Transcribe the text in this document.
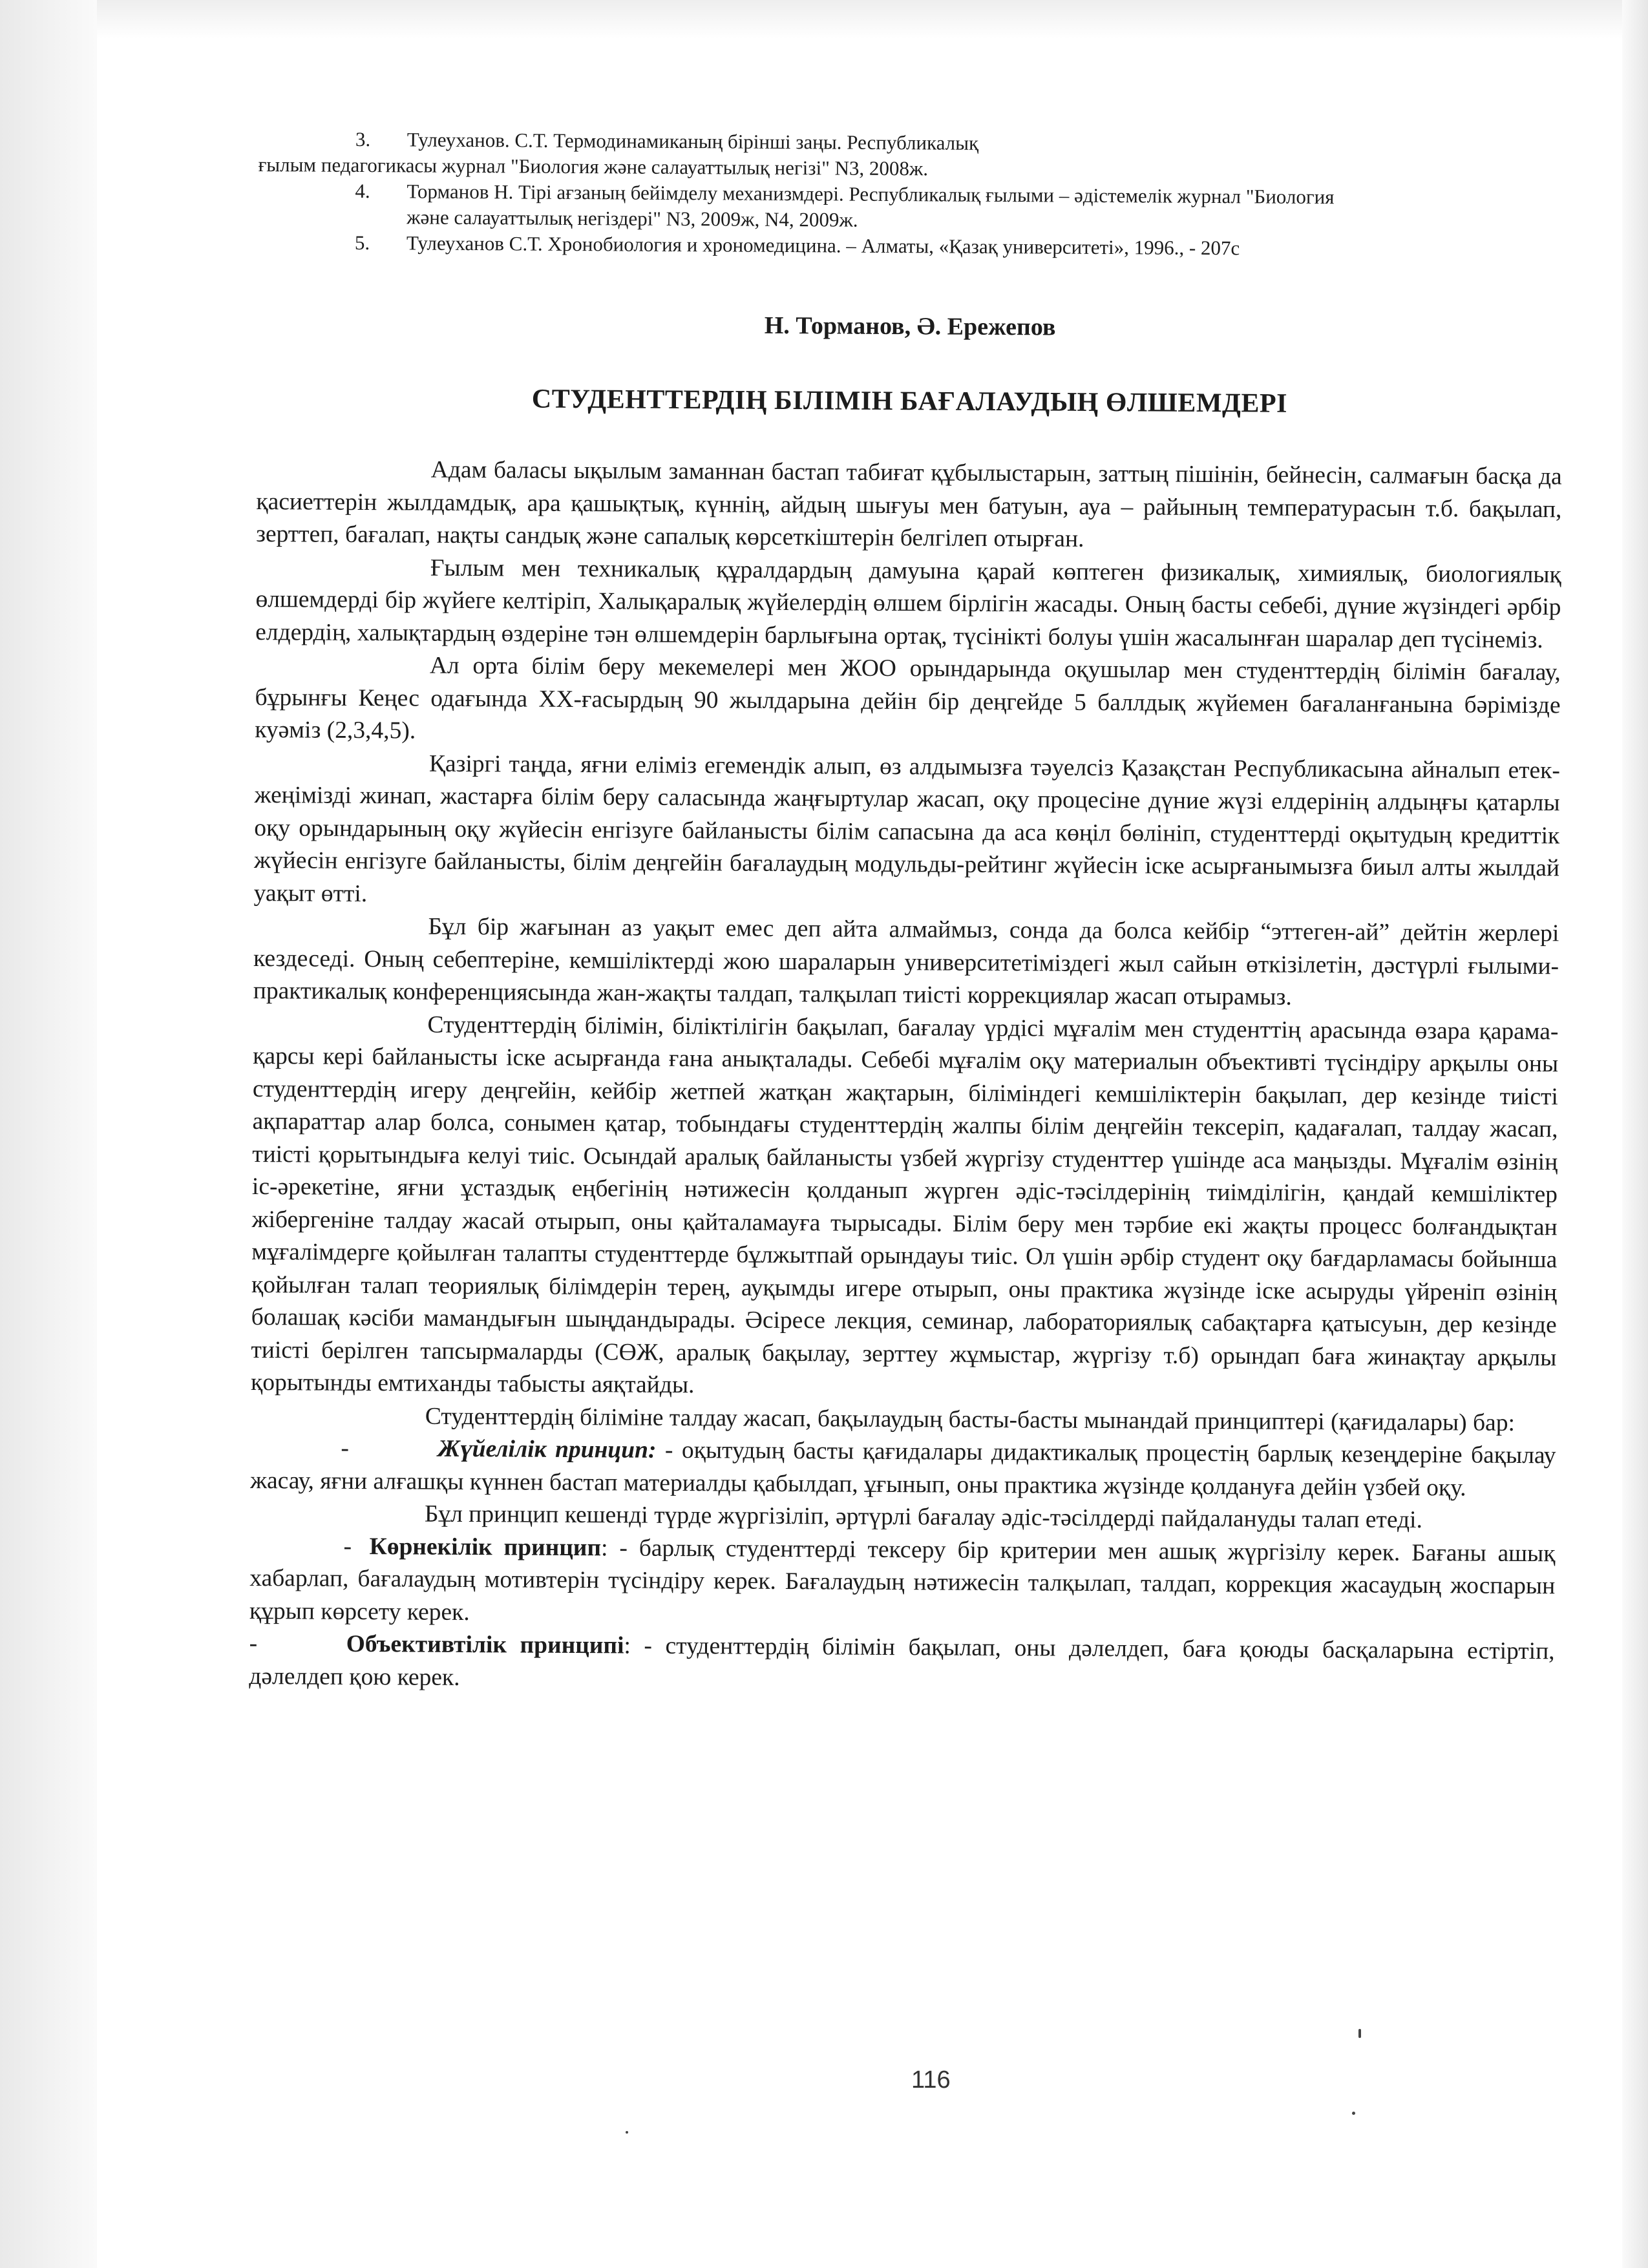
3. Тулеуханов. С.Т. Термодинамиканың бірінші заңы. Республикалық
ғылым педагогикасы журнал "Биология және салауаттылық негізі" N3, 2008ж.
4. Торманов Н. Тірі ағзаның бейімделу механизмдері. Республикалық ғылыми – әдістемелік журнал "Биология
және салауаттылық негіздері" N3, 2009ж, N4, 2009ж.
5. Тулеуханов С.Т. Хронобиология и хрономедицина. – Алматы, «Қазақ университеті», 1996., - 207с
Н. Торманов, Ә. Ережепов
СТУДЕНТТЕРДІҢ БІЛІМІН БАҒАЛАУДЫҢ ӨЛШЕМДЕРІ

Адам баласы ықылым заманнан бастап табиғат құбылыстарын, заттың пішінін, бейнесін, салмағын басқа да қасиеттерін жылдамдық, ара қашықтық, күннің, айдың шығуы мен батуын, ауа – райының температурасын т.б. бақылап, зерттеп, бағалап, нақты сандық және сапалық көрсеткіштерін белгілеп отырған.

Ғылым мен техникалық құралдардың дамуына қарай көптеген физикалық, химиялық, биологиялық өлшемдерді бір жүйеге келтіріп, Халықаралық жүйелердің өлшем бірлігін жасады. Оның басты себебі, дүние жүзіндегі әрбір елдердің, халықтардың өздеріне тән өлшемдерін барлығына ортақ, түсінікті болуы үшін жасалынған шаралар деп түсінеміз.

Ал орта білім беру мекемелері мен ЖОО орындарында оқушылар мен студенттердің білімін бағалау, бұрынғы Кеңес одағында XX-ғасырдың 90 жылдарына дейін бір деңгейде 5 баллдық жүйемен бағаланғанына бәрімізде куәміз (2,3,4,5).

Қазіргі таңда, яғни еліміз егемендік алып, өз алдымызға тәуелсіз Қазақстан Республикасына айналып етек-жеңімізді жинап, жастарға білім беру саласында жаңғыртулар жасап, оқу процесіне дүние жүзі елдерінің алдыңғы қатарлы оқу орындарының оқу жүйесін енгізуге байланысты білім сапасына да аса көңіл бөлініп, студенттерді оқытудың кредиттік жүйесін енгізуге байланысты, білім деңгейін бағалаудың модульды-рейтинг жүйесін іске асырғанымызға биыл алты жылдай уақыт өтті.

Бұл бір жағынан аз уақыт емес деп айта алмаймыз, сонда да болса кейбір “эттеген-ай” дейтін жерлері кездеседі. Оның себептеріне, кемшіліктерді жою шараларын университетіміздегі жыл сайын өткізілетін, дәстүрлі ғылыми-практикалық конференциясында жан-жақты талдап, талқылап тиісті коррекциялар жасап отырамыз.

Студенттердің білімін, біліктілігін бақылап, бағалау үрдісі мұғалім мен студенттің арасында өзара қарама-қарсы кері байланысты іске асырғанда ғана анықталады. Себебі мұғалім оқу материалын объективті түсіндіру арқылы оны студенттердің игеру деңгейін, кейбір жетпей жатқан жақтарын, біліміндегі кемшіліктерін бақылап, дер кезінде тиісті ақпараттар алар болса, сонымен қатар, тобындағы студенттердің жалпы білім деңгейін тексеріп, қадағалап, талдау жасап, тиісті қорытындыға келуі тиіс. Осындай аралық байланысты үзбей жүргізу студенттер үшінде аса маңызды. Мұғалім өзінің іс-әрекетіне, яғни ұстаздық еңбегінің нәтижесін қолданып жүрген әдіс-тәсілдерінің тиімділігін, қандай кемшіліктер жібергеніне талдау жасай отырып, оны қайталамауға тырысады. Білім беру мен тәрбие екі жақты процесс болғандықтан мұғалімдерге қойылған талапты студенттерде бұлжытпай орындауы тиіс. Ол үшін әрбір студент оқу бағдарламасы бойынша қойылған талап теориялық білімдерін терең, ауқымды игере отырып, оны практика жүзінде іске асыруды үйреніп өзінің болашақ кәсіби мамандығын шыңдандырады. Әсіресе лекция, семинар, лабораториялық сабақтарға қатысуын, дер кезінде тиісті берілген тапсырмаларды (СӨЖ, аралық бақылау, зерттеу жұмыстар, жүргізу т.б) орындап баға жинақтау арқылы қорытынды емтиханды табысты аяқтайды.

Студенттердің біліміне талдау жасап, бақылаудың басты-басты мынандай принциптері (қағидалары) бар:

-	Жүйелілік принцип: - оқытудың басты қағидалары дидактикалық процестің барлық кезеңдеріне бақылау жасау, яғни алғашқы күннен бастап материалды қабылдап, ұғынып, оны практика жүзінде қолдануға дейін үзбей оқу.

Бұл принцип кешенді түрде жүргізіліп, әртүрлі бағалау әдіс-тәсілдерді пайдалануды талап етеді.

- Көрнекілік принцип: - барлық студенттерді тексеру бір критерии мен ашық жүргізілу керек. Бағаны ашық хабарлап, бағалаудың мотивтерін түсіндіру керек. Бағалаудың нәтижесін талқылап, талдап, коррекция жасаудың жоспарын құрып көрсету керек.

-	Объективтілік принципі: - студенттердің білімін бақылап, оны дәлелдеп, баға қоюды басқаларына естіртіп, дәлелдеп қою керек.

116
